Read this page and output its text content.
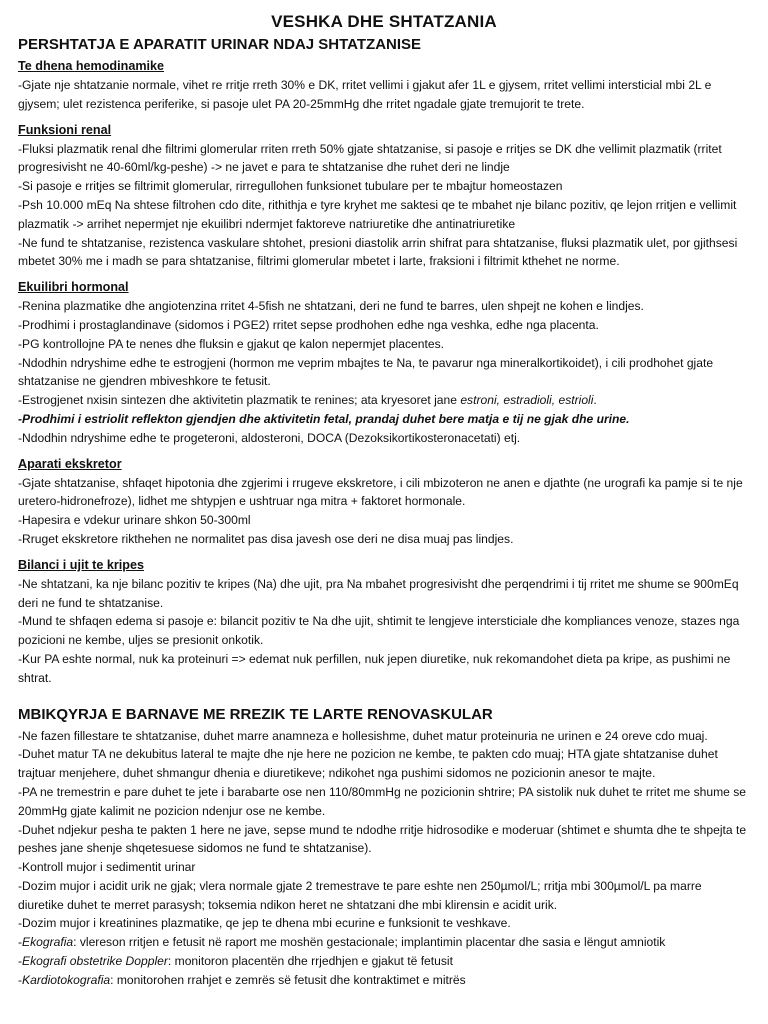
VESHKA DHE SHTATZANIA
PERSHTATJA E APARATIT URINAR NDAJ SHTATZANISE
Te dhena hemodinamike

-Gjate nje shtatzanie normale, vihet re rritje rreth 30% e DK, rritet vellimi i gjakut afer 1L e gjysem, rritet vellimi intersticial mbi 2L e gjysem; ulet rezistenca periferike, si pasoje ulet PA 20-25mmHg dhe rritet ngadale gjate tremujorit te trete.

Funksioni renal

-Fluksi plazmatik renal dhe filtrimi glomerular rriten rreth 50% gjate shtatzanise, si pasoje e rritjes se DK dhe vellimit plazmatik (rritet progresivisht ne 40-60ml/kg-peshe) -> ne javet e para te shtatzanise dhe ruhet deri ne lindje

-Si pasoje e rritjes se filtrimit glomerular, rirregullohen funksionet tubulare per te mbajtur homeostazen

-Psh 10.000 mEq Na shtese filtrohen cdo dite, rithithja e tyre kryhet me saktesi qe te mbahet nje bilanc pozitiv, qe lejon rritjen e vellimit plazmatik -> arrihet nepermjet nje ekuilibri ndermjet faktoreve natriuretike dhe antinatriuretike

-Ne fund te shtatzanise, rezistenca vaskulare shtohet, presioni diastolik arrin shifrat para shtatzanise, fluksi plazmatik ulet, por gjithsesi mbetet 30% me i madh se para shtatzanise, filtrimi glomerular mbetet i larte, fraksioni i filtrimit kthehet ne norme.

Ekuilibri hormonal

-Renina plazmatike dhe angiotenzina rritet 4-5fish ne shtatzani, deri ne fund te barres, ulen shpejt ne kohen e lindjes.

-Prodhimi i prostaglandinave (sidomos i PGE2) rritet sepse prodhohen edhe nga veshka, edhe nga placenta.

-PG kontrollojne PA te nenes dhe fluksin e gjakut qe kalon nepermjet placentes.

-Ndodhin ndryshime edhe te estrogjeni (hormon me veprim mbajtes te Na, te pavarur nga mineralkortikoidet), i cili prodhohet gjate shtatzanise ne gjendren mbiveshkore te fetusit.

-Estrogjenet nxisin sintezen dhe aktivitetin plazmatik te renines; ata kryesoret jane estroni, estradioli, estrioli.

-Prodhimi i estriolit reflekton gjendjen dhe aktivitetin fetal, prandaj duhet bere matja e tij ne gjak dhe urine.

-Ndodhin ndryshime edhe te progeteroni, aldosteroni, DOCA (Dezoksikortikosteronacetati) etj.

Aparati ekskretor

-Gjate shtatzanise, shfaqet hipotonia dhe zgjerimi i rrugeve ekskretore, i cili mbizoteron ne anen e djathte (ne urografi ka pamje si te nje uretero-hidronefroze), lidhet me shtypjen e ushtruar nga mitra + faktoret hormonale.

-Hapesira e vdekur urinare shkon 50-300ml

-Rruget ekskretore rikthehen ne normalitet pas disa javesh ose deri ne disa muaj pas lindjes.

Bilanci i ujit te kripes

-Ne shtatzani, ka nje bilanc pozitiv te kripes (Na) dhe ujit, pra Na mbahet progresivisht dhe perqendrimi i tij rritet me shume se 900mEq deri ne fund te shtatzanise.

-Mund te shfaqen edema si pasoje e: bilancit pozitiv te Na dhe ujit, shtimit te lengjeve intersticiale dhe kompliances venoze, stazes nga pozicioni ne kembe, uljes se presionit onkotik.

-Kur PA eshte normal, nuk ka proteinuri => edemat nuk perfillen, nuk jepen diuretike, nuk rekomandohet dieta pa kripe, as pushimi ne shtrat.

MBIKQYRJA E BARNAVE ME RREZIK TE LARTE RENOVASKULAR

-Ne fazen fillestare te shtatzanise, duhet marre anamneza e hollesishme, duhet matur proteinuria ne urinen e 24 oreve cdo muaj.

-Duhet matur TA ne dekubitus lateral te majte dhe nje here ne pozicion ne kembe, te pakten cdo muaj; HTA gjate shtatzanise duhet trajtuar menjehere, duhet shmangur dhenia e diuretikeve; ndikohet nga pushimi sidomos ne pozicionin anesor te majte.

-PA ne tremestrin e pare duhet te jete i barabarte ose nen 110/80mmHg ne pozicionin shtrire; PA sistolik nuk duhet te rritet me shume se 20mmHg gjate kalimit ne pozicion ndenjur ose ne kembe.

-Duhet ndjekur pesha te pakten 1 here ne jave, sepse mund te ndodhe rritje hidrosodike e moderuar (shtimet e shumta dhe te shpejta te peshes jane shenje shqetesuese sidomos ne fund te shtatzanise).

-Kontroll mujor i sedimentit urinar

-Dozim mujor i acidit urik ne gjak; vlera normale gjate 2 tremestrave te pare eshte nen 250µmol/L; rritja mbi 300µmol/L pa marre diuretike duhet te merret parasysh; toksemia ndikon heret ne shtatzani dhe mbi klirensin e acidit urik.

-Dozim mujor i kreatinines plazmatike, qe jep te dhena mbi ecurine e funksionit te veshkave.

-Ekografia: vlereson rritjen e fetusit në raport me moshën gestacionale; implantimin placentar dhe sasia e lëngut amniotik

-Ekografi obstetrike Doppler: monitoron placentën dhe rrjedhjen e gjakut të fetusit

-Kardiotokografia: monitorohen rrahjet e zemrës së fetusit dhe kontraktimet e mitrës
